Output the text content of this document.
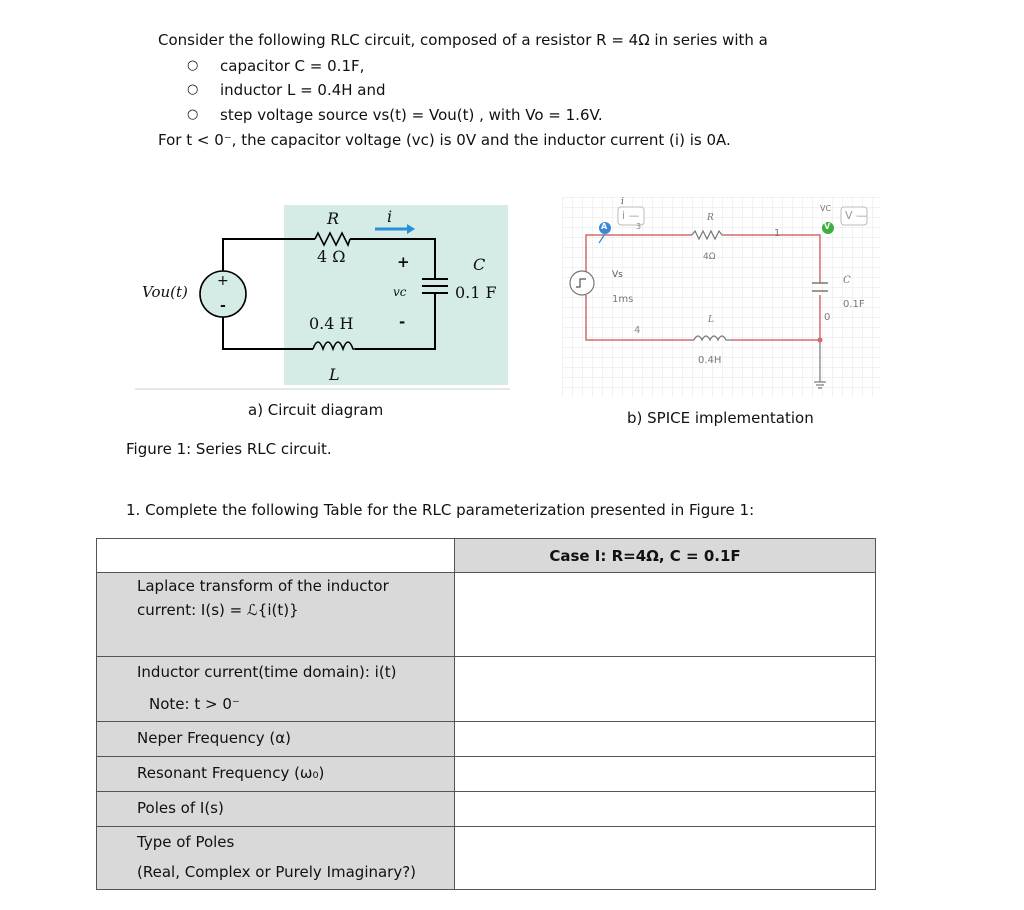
Consider the following RLC circuit, composed of a resistor R = 4Ω in series with a
○ capacitor C = 0.1F,
○ inductor L = 0.4H and
○ step voltage source vs(t) = Vou(t) , with Vo = 1.6V.
For t < 0⁻, the capacitor voltage (vc) is 0V and the inductor current (i) is 0A.
R
4 Ω
i
+
vc
-
C
0.1 F
0.4 H
L
Vou(t)
+
-
a) Circuit diagram
i
A
i —
3
R
4Ω
1
VC
V
V —
Vs
1ms
C
0.1F
0
L
4
0.4H
b) SPICE implementation
Figure 1: Series RLC circuit.
1. Complete the following Table for the RLC parameterization presented in Figure 1:
	Case I: R=4Ω, C = 0.1F

Laplace transform of the inductor
current: I(s) = ℒ{i(t)}	

Inductor current(time domain): i(t)
Note: t > 0⁻	

Neper Frequency (α)	

Resonant Frequency (ω₀)	

Poles of I(s)	

Type of Poles
(Real, Complex or Purely Imaginary?)	
